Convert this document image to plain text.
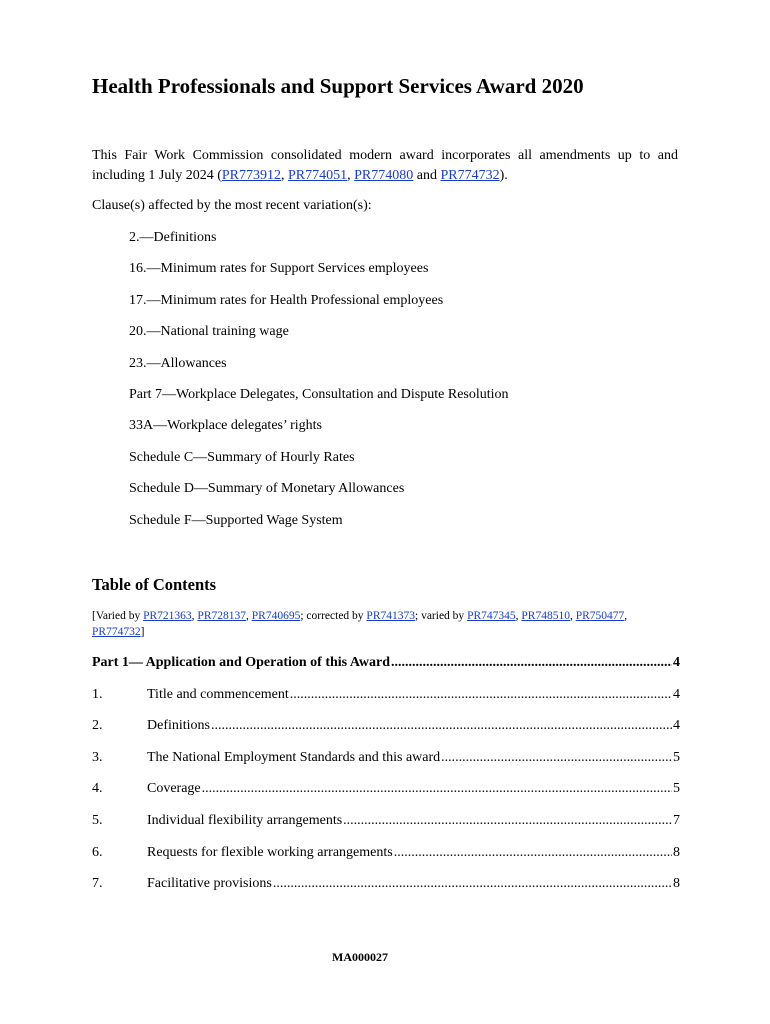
Health Professionals and Support Services Award 2020

This Fair Work Commission consolidated modern award incorporates all amendments up to and including 1 July 2024 (PR773912, PR774051, PR774080 and PR774732).

Clause(s) affected by the most recent variation(s):

2.—Definitions
16.—Minimum rates for Support Services employees
17.—Minimum rates for Health Professional employees
20.—National training wage
23.—Allowances
Part 7—Workplace Delegates, Consultation and Dispute Resolution
33A—Workplace delegates’ rights
Schedule C—Summary of Hourly Rates
Schedule D—Summary of Monetary Allowances
Schedule F—Supported Wage System
Table of Contents

[Varied by PR721363, PR728137, PR740695; corrected by PR741373; varied by PR747345, PR748510, PR750477, PR774732]

Part 1— Application and Operation of this Award .....	4
1.	Title and commencement .....	4
2.	Definitions .....	4
3.	The National Employment Standards and this award .....	5
4.	Coverage .....	5
5.	Individual flexibility arrangements .....	7
6.	Requests for flexible working arrangements .....	8
7.	Facilitative provisions .....	8

MA000027
